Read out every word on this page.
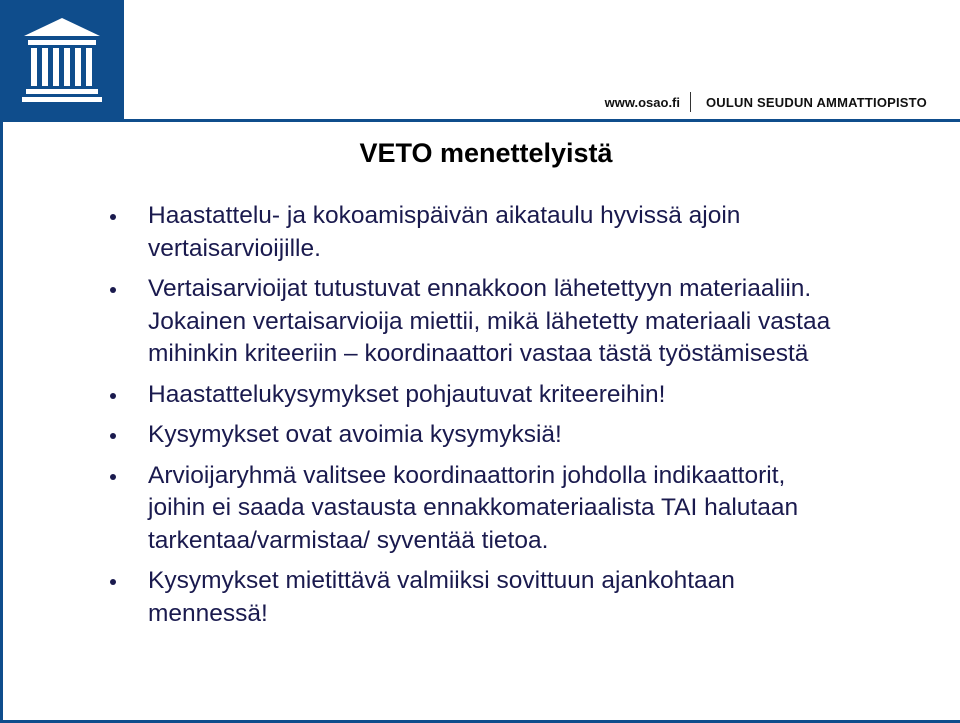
www.osao.fi OULUN SEUDUN AMMATTIOPISTO
VETO menettelyistä
Haastattelu- ja kokoamispäivän aikataulu hyvissä ajoin vertaisarvioijille.
Vertaisarvioijat tutustuvat ennakkoon lähetettyyn materiaaliin. Jokainen vertaisarvioija miettii, mikä lähetetty materiaali vastaa mihinkin kriteeriin – koordinaattori vastaa tästä työstämisestä
Haastattelukysymykset pohjautuvat kriteereihin!
Kysymykset ovat avoimia kysymyksiä!
Arvioijaryhmä valitsee koordinaattorin johdolla indikaattorit, joihin ei saada vastausta ennakkomateriaalista TAI halutaan tarkentaa/varmistaa/ syventää tietoa.
Kysymykset mietittävä valmiiksi sovittuun ajankohtaan mennessä!
